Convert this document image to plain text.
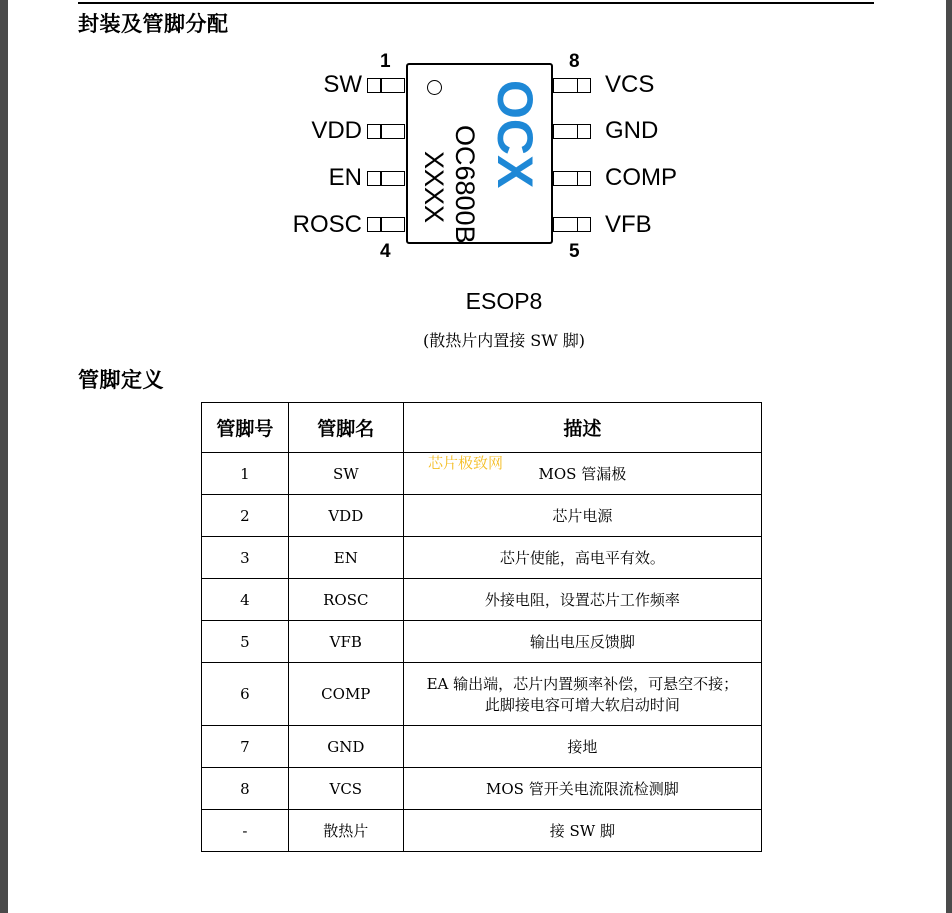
封装及管脚分配
OCX
OC6800B
XXXX
SW
VDD
EN
ROSC
VCS
GND
COMP
VFB
1
4
8
5
ESOP8
(散热片内置接 SW 脚)
管脚定义
管脚号	管脚名	描述
1	SW	MOS 管漏极
2	VDD	芯片电源
3	EN	芯片使能，高电平有效。
4	ROSC	外接电阻，设置芯片工作频率
5	VFB	输出电压反馈脚
6	COMP	EA 输出端，芯片内置频率补偿，可悬空不接；
此脚接电容可增大软启动时间

7	GND	接地
8	VCS	MOS 管开关电流限流检测脚
-	散热片	接 SW 脚
芯片极致网
